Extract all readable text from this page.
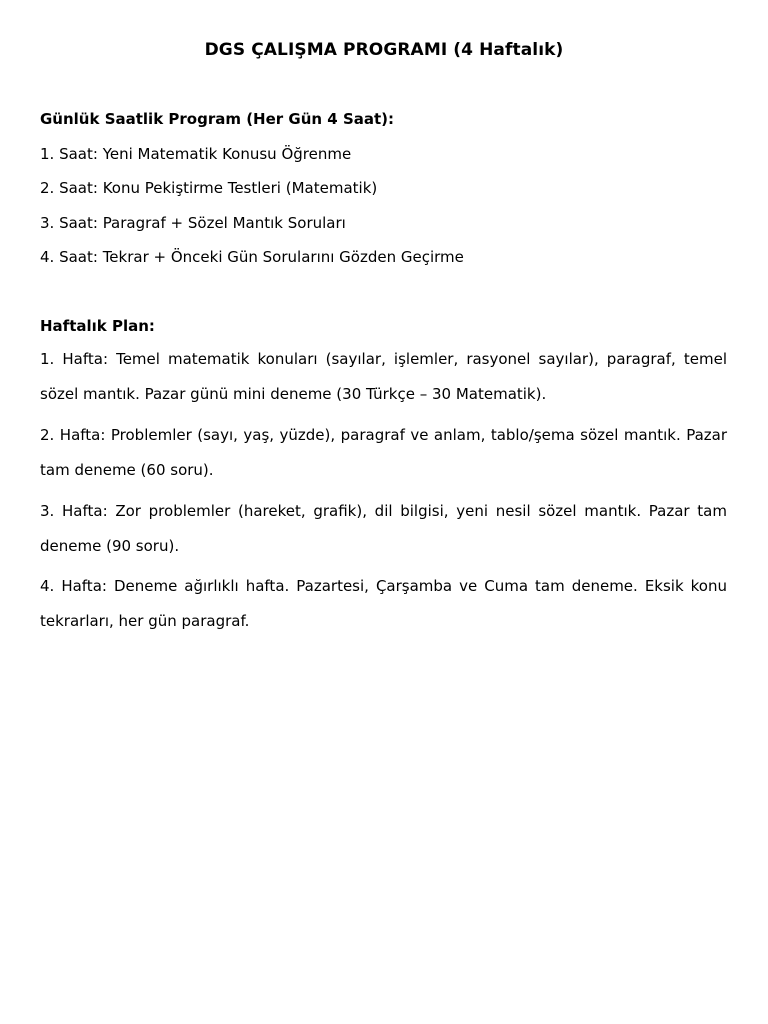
DGS ÇALIŞMA PROGRAMI (4 Haftalık)
Günlük Saatlik Program (Her Gün 4 Saat):
1. Saat: Yeni Matematik Konusu Öğrenme
2. Saat: Konu Pekiştirme Testleri (Matematik)
3. Saat: Paragraf + Sözel Mantık Soruları
4. Saat: Tekrar + Önceki Gün Sorularını Gözden Geçirme
Haftalık Plan:

1. Hafta: Temel matematik konuları (sayılar, işlemler, rasyonel sayılar), paragraf, temel sözel mantık. Pazar günü mini deneme (30 Türkçe – 30 Matematik).

2. Hafta: Problemler (sayı, yaş, yüzde), paragraf ve anlam, tablo/şema sözel mantık. Pazar tam deneme (60 soru).

3. Hafta: Zor problemler (hareket, grafik), dil bilgisi, yeni nesil sözel mantık. Pazar tam deneme (90 soru).

4. Hafta: Deneme ağırlıklı hafta. Pazartesi, Çarşamba ve Cuma tam deneme. Eksik konu tekrarları, her gün paragraf.
